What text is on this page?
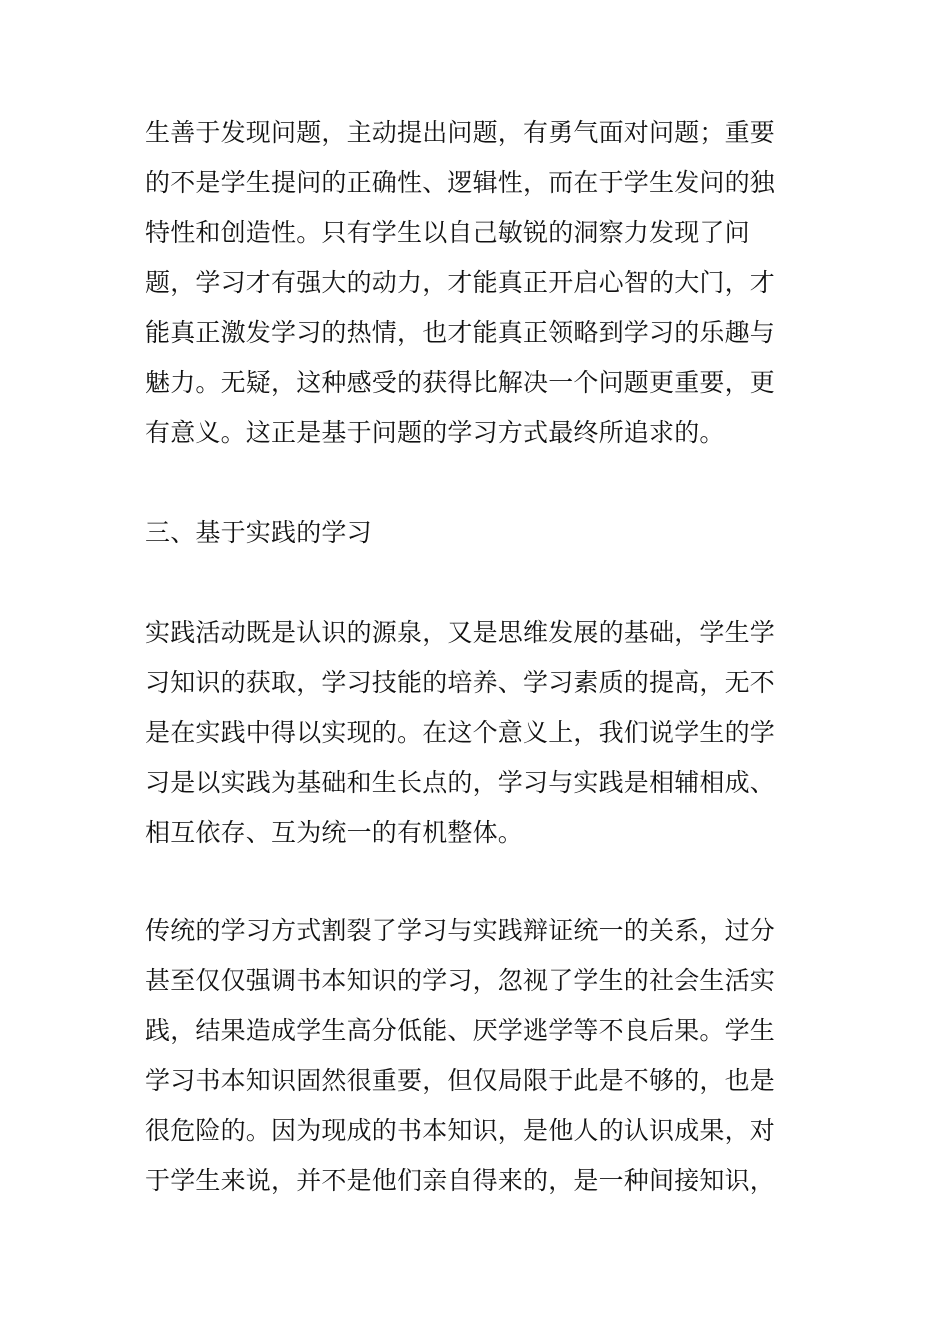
生善于发现问题，主动提出问题，有勇气面对问题；重要
的不是学生提问的正确性、逻辑性，而在于学生发问的独
特性和创造性。只有学生以自己敏锐的洞察力发现了问
题，学习才有强大的动力，才能真正开启心智的大门，才
能真正激发学习的热情，也才能真正领略到学习的乐趣与
魅力。无疑，这种感受的获得比解决一个问题更重要，更
有意义。这正是基于问题的学习方式最终所追求的。
三、基于实践的学习
实践活动既是认识的源泉，又是思维发展的基础，学生学
习知识的获取，学习技能的培养、学习素质的提高，无不
是在实践中得以实现的。在这个意义上，我们说学生的学
习是以实践为基础和生长点的，学习与实践是相辅相成、
相互依存、互为统一的有机整体。
传统的学习方式割裂了学习与实践辩证统一的关系，过分
甚至仅仅强调书本知识的学习，忽视了学生的社会生活实
践，结果造成学生高分低能、厌学逃学等不良后果。学生
学习书本知识固然很重要，但仅局限于此是不够的，也是
很危险的。因为现成的书本知识，是他人的认识成果，对
于学生来说，并不是他们亲自得来的，是一种间接知识，
